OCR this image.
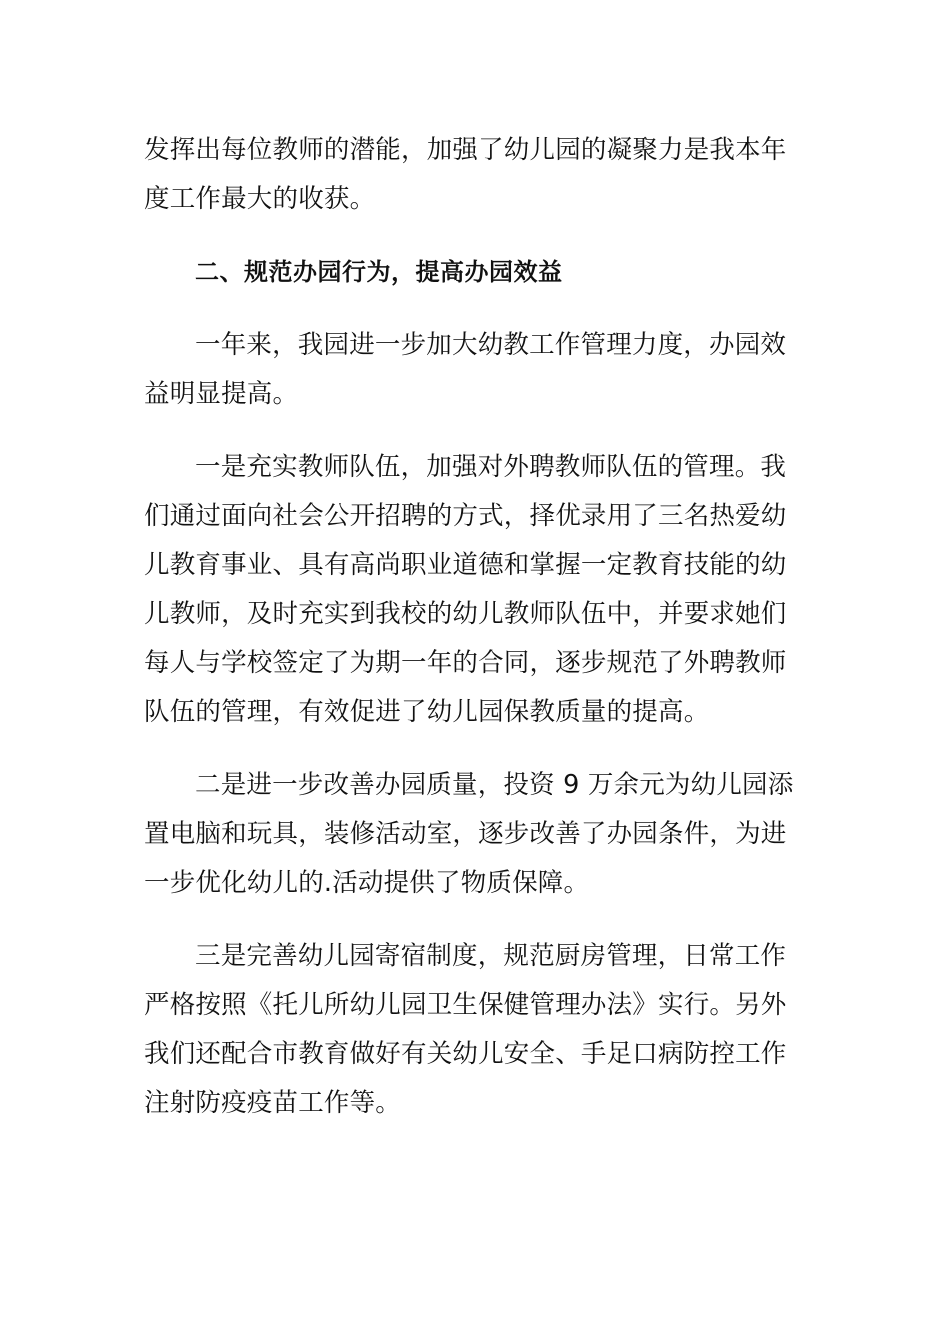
发挥出每位教师的潜能，加强了幼儿园的凝聚力是我本年
度工作最大的收获。
二、规范办园行为，提高办园效益
一年来，我园进一步加大幼教工作管理力度，办园效
益明显提高。
一是充实教师队伍，加强对外聘教师队伍的管理。我
们通过面向社会公开招聘的方式，择优录用了三名热爱幼
儿教育事业、具有高尚职业道德和掌握一定教育技能的幼
儿教师，及时充实到我校的幼儿教师队伍中，并要求她们
每人与学校签定了为期一年的合同，逐步规范了外聘教师
队伍的管理，有效促进了幼儿园保教质量的提高。
二是进一步改善办园质量，投资 9 万余元为幼儿园添
置电脑和玩具，装修活动室，逐步改善了办园条件，为进
一步优化幼儿的.活动提供了物质保障。
三是完善幼儿园寄宿制度，规范厨房管理，日常工作
严格按照《托儿所幼儿园卫生保健管理办法》实行。另外
我们还配合市教育做好有关幼儿安全、手足口病防控工作
注射防疫疫苗工作等。
